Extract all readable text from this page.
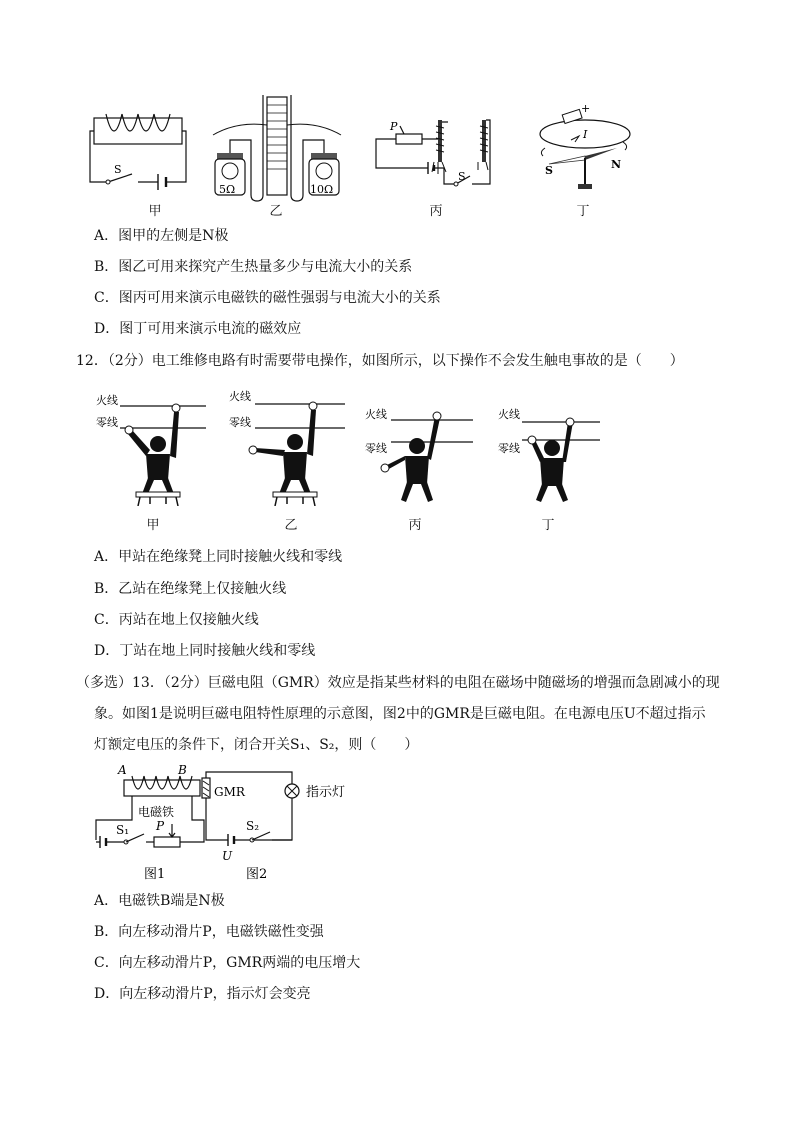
S
甲
5Ω	10Ω
乙
P
S
丙
+
I
S	N
丁
A．图甲的左侧是N极
B．图乙可用来探究产生热量多少与电流大小的关系
C．图丙可用来演示电磁铁的磁性强弱与电流大小的关系
D．图丁可用来演示电流的磁效应
12．（2分）电工维修电路有时需要带电操作，如图所示，以下操作不会发生触电事故的是（　　）
火线
零线
甲
火线
零线
乙
火线
零线
丙
火线
零线
丁
A．甲站在绝缘凳上同时接触火线和零线
B．乙站在绝缘凳上仅接触火线
C．丙站在地上仅接触火线
D．丁站在地上同时接触火线和零线
（多选）13．（2分）巨磁电阻（GMR）效应是指某些材料的电阻在磁场中随磁场的增强而急剧减小的现
象。如图1是说明巨磁电阻特性原理的示意图，图2中的GMR是巨磁电阻。在电源电压U不超过指示
灯额定电压的条件下，闭合开关S₁、S₂，则（　　）
A	B
电磁铁
S₁ P
GMR	指示灯
S₂
U
图1	图2
A．电磁铁B端是N极
B．向左移动滑片P，电磁铁磁性变强
C．向左移动滑片P，GMR两端的电压增大
D．向左移动滑片P，指示灯会变亮
